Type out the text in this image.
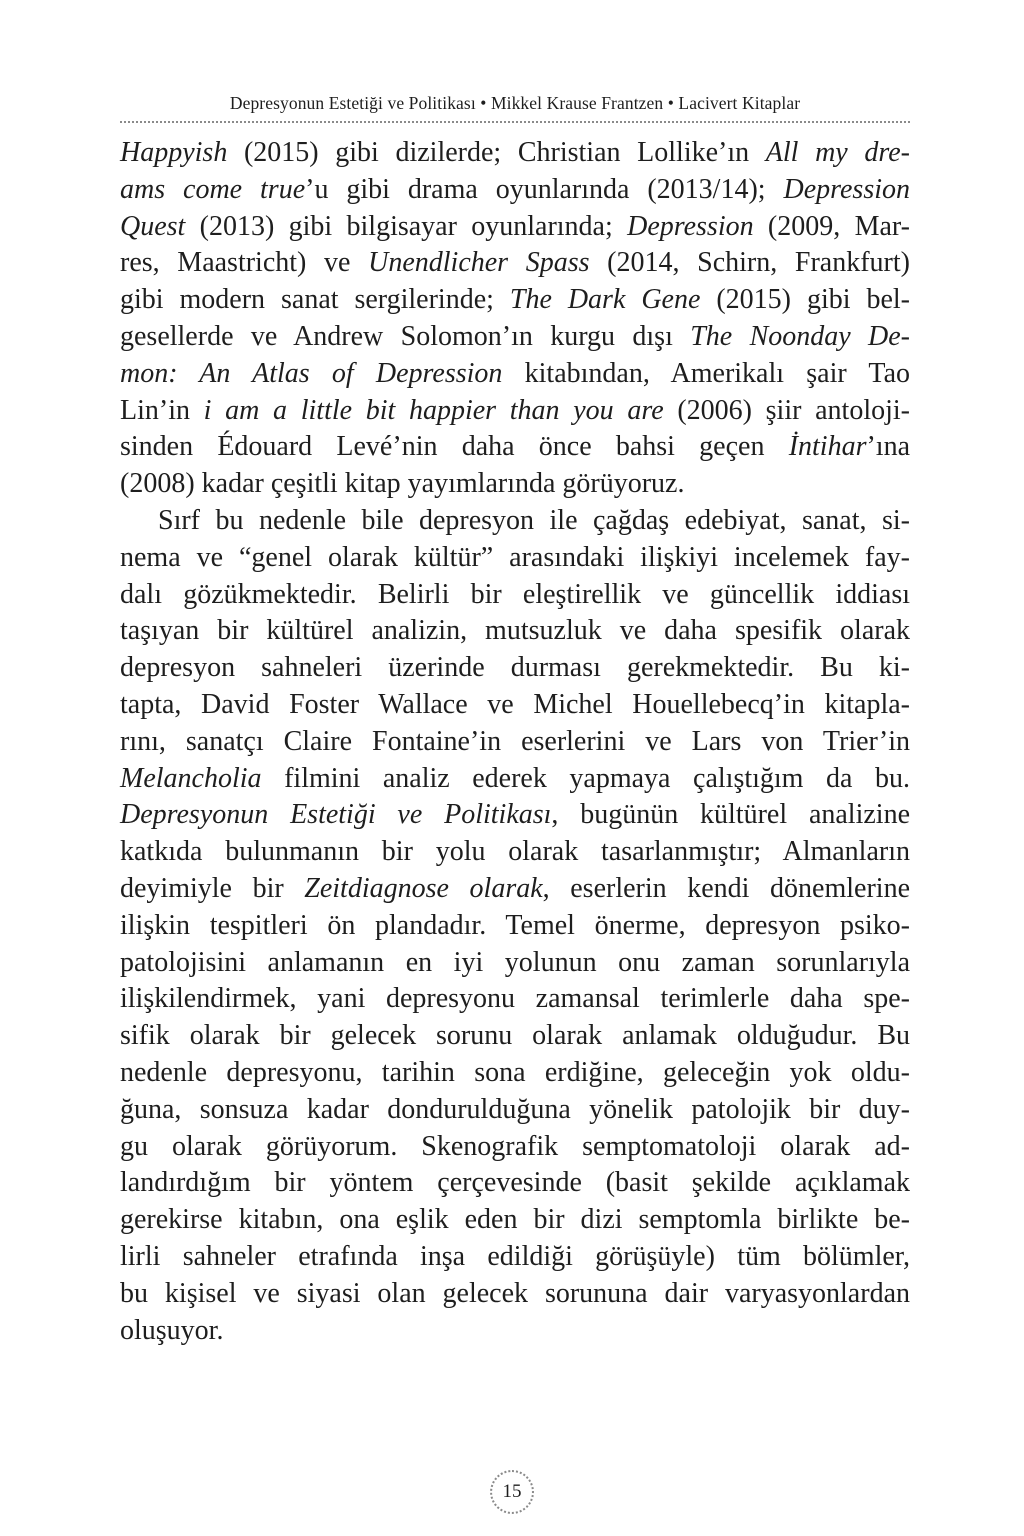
Depresyonun Estetiği ve Politikası • Mikkel Krause Frantzen • Lacivert Kitaplar
Happyish (2015) gibi dizilerde; Christian Lollike’ın All my dre-
ams come true’u gibi drama oyunlarında (2013/14); Depression
Quest (2013) gibi bilgisayar oyunlarında; Depression (2009, Mar-
res, Maastricht) ve Unendlicher Spass (2014, Schirn, Frankfurt)
gibi modern sanat sergilerinde; The Dark Gene (2015) gibi bel-
gesellerde ve Andrew Solomon’ın kurgu dışı The Noonday De-
mon: An Atlas of Depression kitabından, Amerikalı şair Tao
Lin’in i am a little bit happier than you are (2006) şiir antoloji-
sinden Édouard Levé’nin daha önce bahsi geçen İntihar’ına
(2008) kadar çeşitli kitap yayımlarında görüyoruz.
Sırf bu nedenle bile depresyon ile çağdaş edebiyat, sanat, si-
nema ve “genel olarak kültür” arasındaki ilişkiyi incelemek fay-
dalı gözükmektedir. Belirli bir eleştirellik ve güncellik iddiası
taşıyan bir kültürel analizin, mutsuzluk ve daha spesifik olarak
depresyon sahneleri üzerinde durması gerekmektedir. Bu ki-
tapta, David Foster Wallace ve Michel Houellebecq’in kitapla-
rını, sanatçı Claire Fontaine’in eserlerini ve Lars von Trier’in
Melancholia filmini analiz ederek yapmaya çalıştığım da bu.
Depresyonun Estetiği ve Politikası, bugünün kültürel analizine
katkıda bulunmanın bir yolu olarak tasarlanmıştır; Almanların
deyimiyle bir Zeitdiagnose olarak, eserlerin kendi dönemlerine
ilişkin tespitleri ön plandadır. Temel önerme, depresyon psiko-
patolojisini anlamanın en iyi yolunun onu zaman sorunlarıyla
ilişkilendirmek, yani depresyonu zamansal terimlerle daha spe-
sifik olarak bir gelecek sorunu olarak anlamak olduğudur. Bu
nedenle depresyonu, tarihin sona erdiğine, geleceğin yok oldu-
ğuna, sonsuza kadar dondurulduğuna yönelik patolojik bir duy-
gu olarak görüyorum. Skenografik semptomatoloji olarak ad-
landırdığım bir yöntem çerçevesinde (basit şekilde açıklamak
gerekirse kitabın, ona eşlik eden bir dizi semptomla birlikte be-
lirli sahneler etrafında inşa edildiği görüşüyle) tüm bölümler,
bu kişisel ve siyasi olan gelecek sorununa dair varyasyonlardan
oluşuyor.
15
